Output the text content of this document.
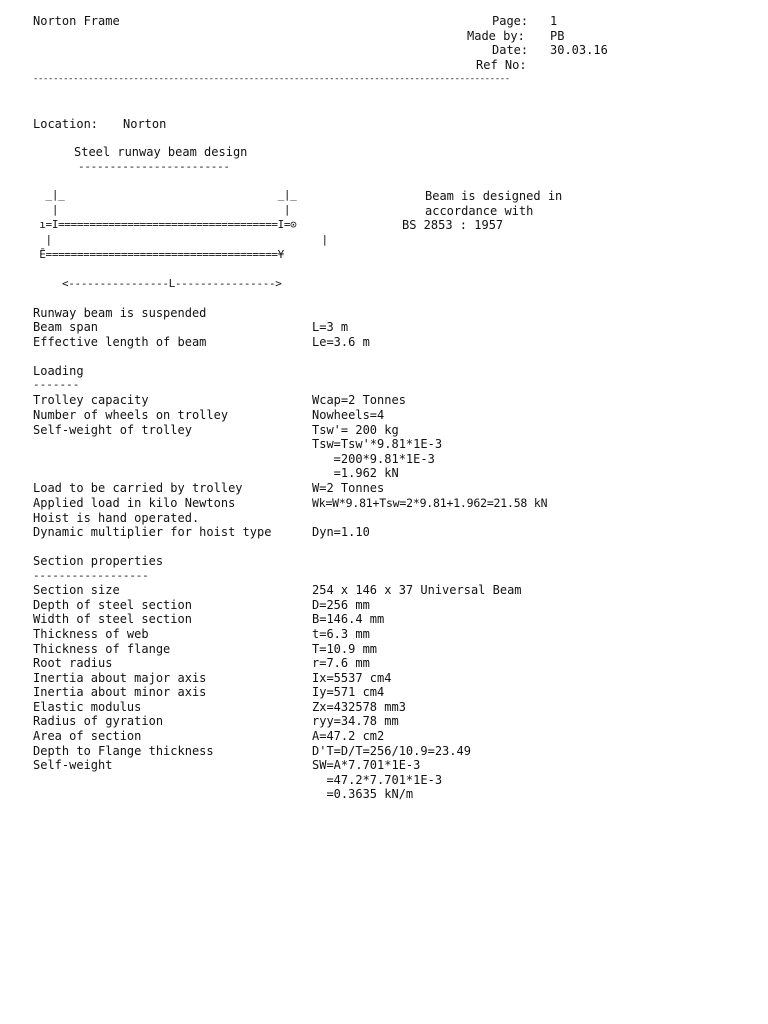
Norton Frame	Page: 1
Made by: PB
Date: 30.03.16
Ref No:
-----------------------------------------------------------------------------------------------
Location: Norton
Steel runway beam design
------------------------
_|_                                  _|_
|                                    |
ı=I===================================I=⊙
|                                           |
Ē=====================================¥
<----------------L---------------->
Beam is designed in
accordance with
BS 2853 : 1957
Runway beam is suspended
Beam span	L=3 m
Effective length of beam	Le=3.6 m
Loading
-------
Trolley capacity	Wcap=2 Tonnes
Number of wheels on trolley	Nowheels=4
Self-weight of trolley	Tsw'= 200 kg
Tsw=Tsw'*9.81*1E-3
=200*9.81*1E-3
=1.962 kN
Load to be carried by trolley	W=2 Tonnes
Applied load in kilo Newtons	Wk=W*9.81+Tsw=2*9.81+1.962=21.58 kN
Hoist is hand operated.
Dynamic multiplier for hoist type	Dyn=1.10
Section properties
------------------
Section size	254 x 146 x 37 Universal Beam
Depth of steel section	D=256 mm
Width of steel section	B=146.4 mm
Thickness of web	t=6.3 mm
Thickness of flange	T=10.9 mm
Root radius	r=7.6 mm
Inertia about major axis	Ix=5537 cm4
Inertia about minor axis	Iy=571 cm4
Elastic modulus	Zx=432578 mm3
Radius of gyration	ryy=34.78 mm
Area of section	A=47.2 cm2
Depth to Flange thickness	D'T=D/T=256/10.9=23.49
Self-weight	SW=A*7.701*1E-3
=47.2*7.701*1E-3
=0.3635 kN/m
